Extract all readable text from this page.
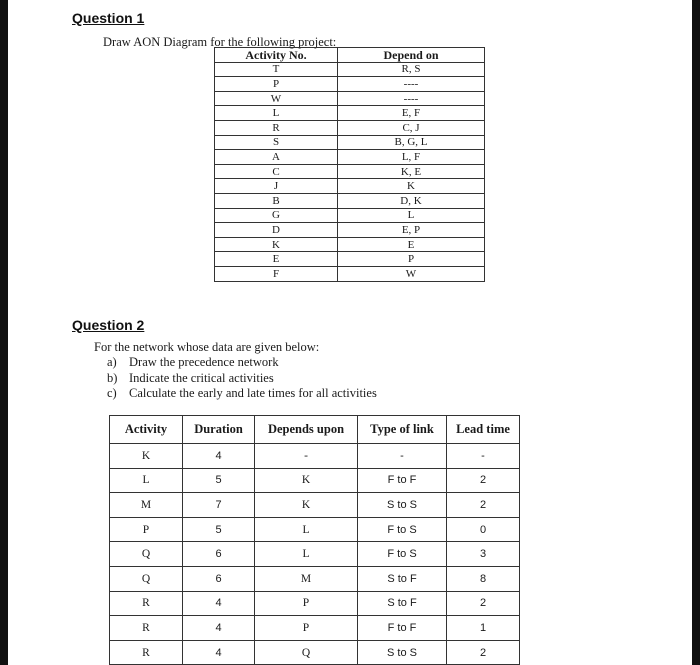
Question 1
Draw AON Diagram for the following project:
Activity No.	Depend on
T	R, S
P	----
W	----
L	E, F
R	C, J
S	B, G, L
A	L, F
C	K, E
J	K
B	D, K
G	L
D	E, P
K	E
E	P
F	W
Question 2
For the network whose data are given below:
a) Draw the precedence network
b) Indicate the critical activities
c) Calculate the early and late times for all activities
Activity	Duration	Depends upon	Type of link	Lead time
K	4	-	-	-
L	5	K	F to F	2
M	7	K	S to S	2
P	5	L	F to S	0
Q	6	L	F to S	3
Q	6	M	S to F	8
R	4	P	S to F	2
R	4	P	F to F	1
R	4	Q	S to S	2
